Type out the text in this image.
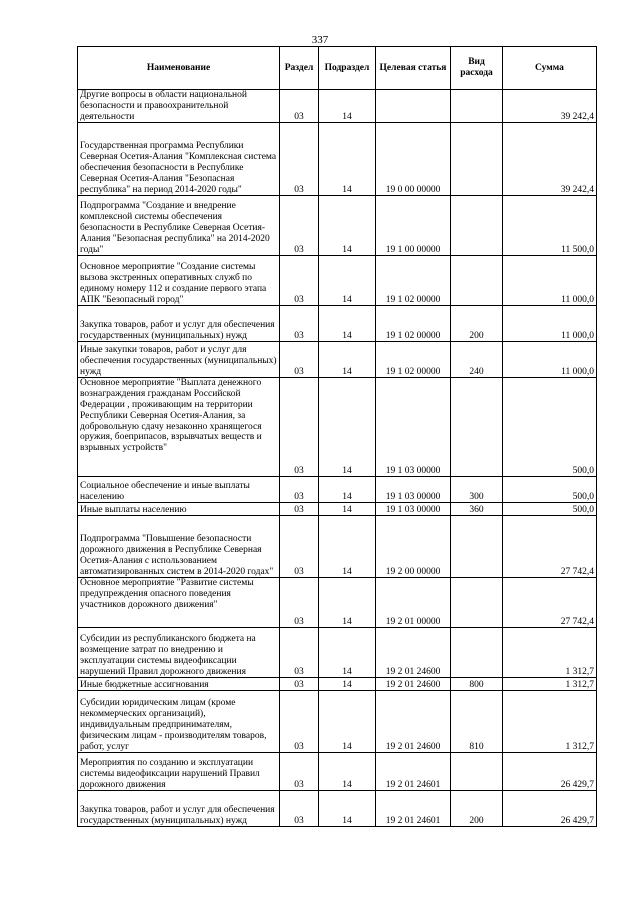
337
Наименование	Раздел	Подраздел	Целевая статья	Вид расхода	Сумма
Другие вопросы в области национальной безопасности и правоохранительной деятельности	03	14			39 242,4
Государственная программа Республики Северная Осетия-Алания "Комплексная система обеспечения безопасности в Республике Северная Осетия-Алания "Безопасная республика" на период 2014-2020 годы"	03	14	19 0 00 00000		39 242,4
Подпрограмма "Создание и внедрение комплексной системы обеспечения безопасности в Республике Северная Осетия-Алания "Безопасная республика" на 2014-2020 годы"	03	14	19 1 00 00000		11 500,0
Основное мероприятие "Создание системы вызова экстренных оперативных служб по единому номеру 112 и создание первого этапа АПК "Безопасный город"	03	14	19 1 02 00000		11 000,0
Закупка товаров, работ и услуг для обеспечения государственных (муниципальных) нужд	03	14	19 1 02 00000	200	11 000,0
Иные закупки товаров, работ и услуг для обеспечения государственных (муниципальных) нужд	03	14	19 1 02 00000	240	11 000,0
Основное мероприятие "Выплата денежного вознаграждения гражданам Российской Федерации , проживающим на территории Республики Северная Осетия-Алания, за добровольную сдачу незаконно хранящегося оружия, боеприпасов, взрывчатых веществ и взрывных устройств"	03	14	19 1 03 00000		500,0
Социальное обеспечение и иные выплаты населению	03	14	19 1 03 00000	300	500,0
Иные выплаты населению	03	14	19 1 03 00000	360	500,0
Подпрограмма "Повышение безопасности дорожного движения в Республике Северная Осетия-Алания с использованием автоматизированных систем в 2014-2020 годах"	03	14	19 2 00 00000		27 742,4
Основное мероприятие "Развитие системы предупреждения опасного поведения участников дорожного движения"	03	14	19 2 01 00000		27 742,4
Субсидии из республиканского бюджета на возмещение затрат по внедрению и эксплуатации системы видеофиксации нарушений Правил дорожного движения	03	14	19 2 01 24600		1 312,7
Иные бюджетные ассигнования	03	14	19 2 01 24600	800	1 312,7
Субсидии юридическим лицам (кроме некоммерческих организаций), индивидуальным предпринимателям, физическим лицам - производителям товаров, работ, услуг	03	14	19 2 01 24600	810	1 312,7
Мероприятия по созданию и эксплуатации системы видеофиксации нарушений Правил дорожного движения	03	14	19 2 01 24601		26 429,7
Закупка товаров, работ и услуг для обеспечения государственных (муниципальных) нужд	03	14	19 2 01 24601	200	26 429,7
